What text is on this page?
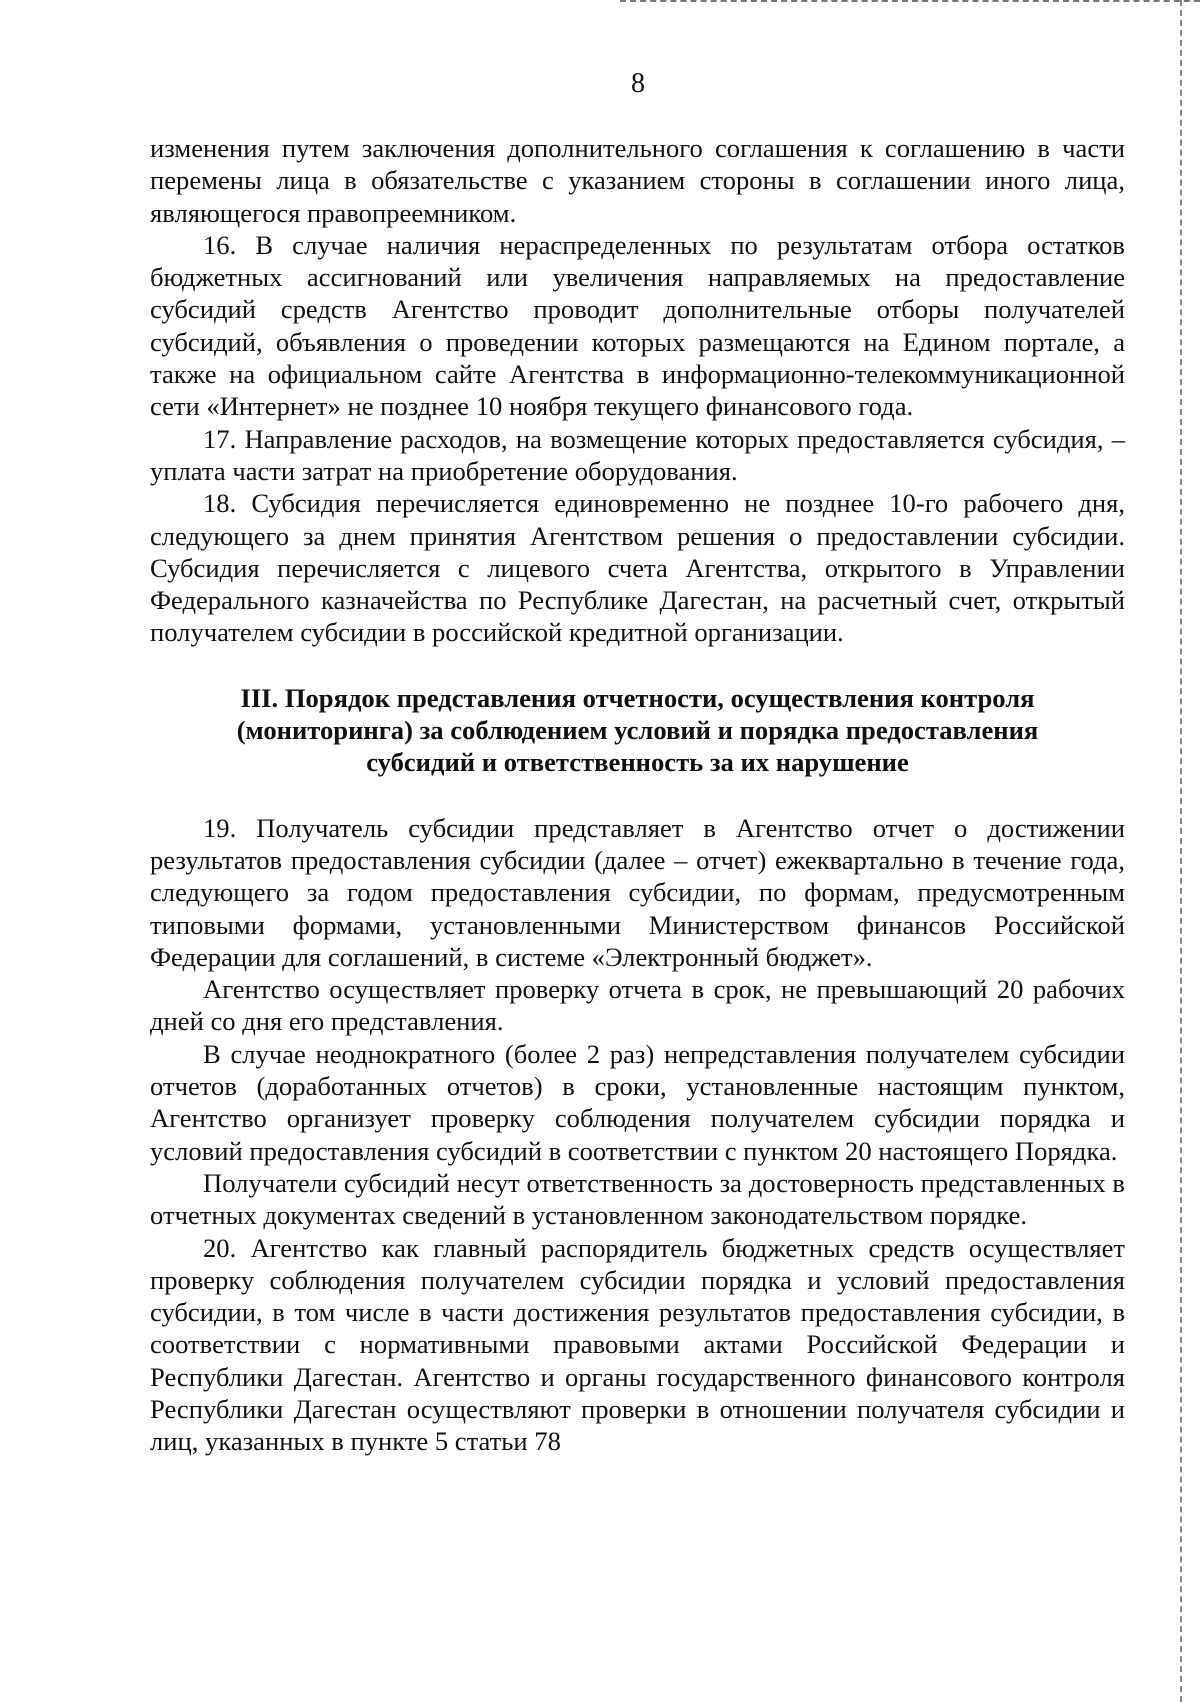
8

изменения путем заключения дополнительного соглашения к соглашению в части перемены лица в обязательстве с указанием стороны в соглашении иного лица, являющегося правопреемником.

16. В случае наличия нераспределенных по результатам отбора остатков бюджетных ассигнований или увеличения направляемых на предоставление субсидий средств Агентство проводит дополнительные отборы получателей субсидий, объявления о проведении которых размещаются на Едином портале, а также на официальном сайте Агентства в информационно-телекоммуникационной сети «Интернет» не позднее 10 ноября текущего финансового года.

17. Направление расходов, на возмещение которых предоставляется субсидия, – уплата части затрат на приобретение оборудования.

18. Субсидия перечисляется единовременно не позднее 10-го рабочего дня, следующего за днем принятия Агентством решения о предоставлении субсидии. Субсидия перечисляется с лицевого счета Агентства, открытого в Управлении Федерального казначейства по Республике Дагестан, на расчетный счет, открытый получателем субсидии в российской кредитной организации.

III. Порядок представления отчетности, осуществления контроля
(мониторинга) за соблюдением условий и порядка предоставления
субсидий и ответственность за их нарушение

19. Получатель субсидии представляет в Агентство отчет о достижении результатов предоставления субсидии (далее – отчет) ежеквартально в течение года, следующего за годом предоставления субсидии, по формам, предусмотренным типовыми формами, установленными Министерством финансов Российской Федерации для соглашений, в системе «Электронный бюджет».

Агентство осуществляет проверку отчета в срок, не превышающий 20 рабочих дней со дня его представления.

В случае неоднократного (более 2 раз) непредставления получателем субсидии отчетов (доработанных отчетов) в сроки, установленные настоящим пунктом, Агентство организует проверку соблюдения получателем субсидии порядка и условий предоставления субсидий в соответствии с пунктом 20 настоящего Порядка.

Получатели субсидий несут ответственность за достоверность представленных в отчетных документах сведений в установленном законодательством порядке.

20. Агентство как главный распорядитель бюджетных средств осуществляет проверку соблюдения получателем субсидии порядка и условий предоставления субсидии, в том числе в части достижения результатов предоставления субсидии, в соответствии с нормативными правовыми актами Российской Федерации и Республики Дагестан. Агентство и органы государственного финансового контроля Республики Дагестан осуществляют проверки в отношении получателя субсидии и лиц, указанных в пункте 5 статьи 78
